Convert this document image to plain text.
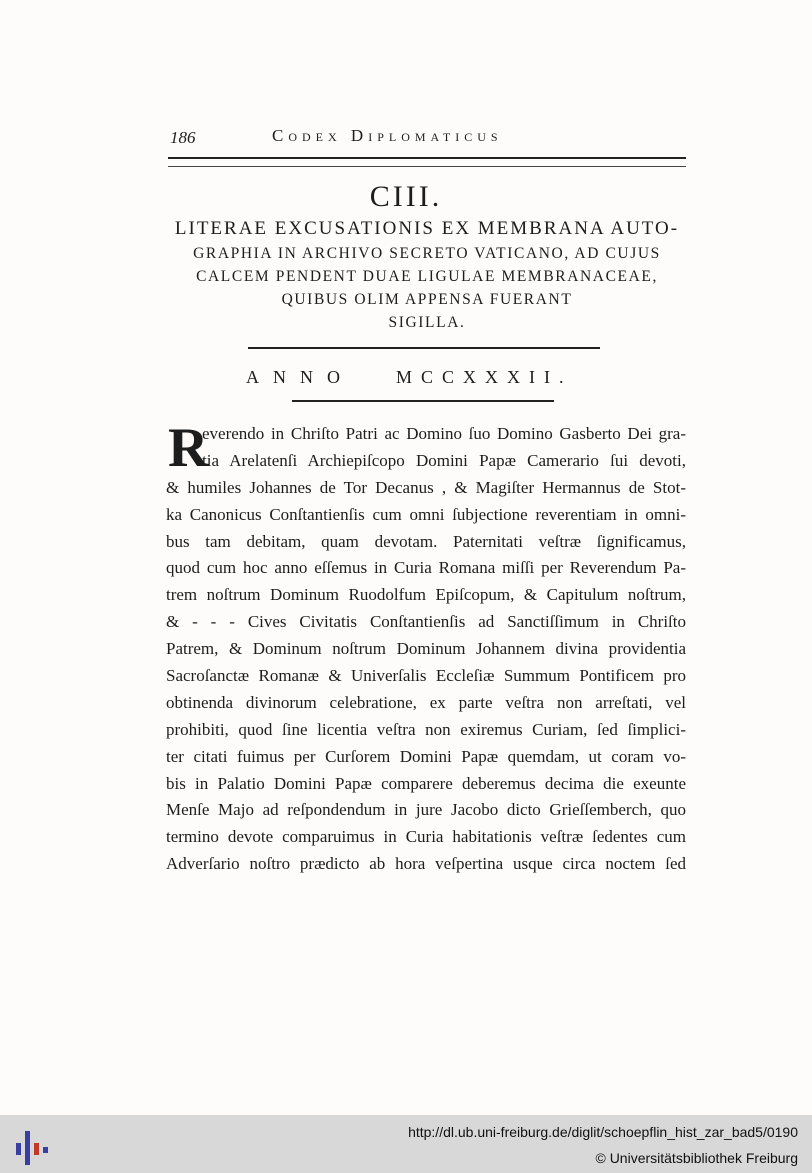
186	Codex Diplomaticus
CIII.
LITERAE EXCUSATIONIS EX MEMBRANA AUTO-
GRAPHIA IN ARCHIVO SECRETO VATICANO, AD CUJUS
CALCEM PENDENT DUAE LIGULAE MEMBRANACEAE,
QUIBUS OLIM APPENSA FUERANT
SIGILLA.
ANNO MCCXXXII.
R
everendo in Chriſto Patri ac Domino ſuo Domino Gasberto Dei gra-
tia Arelatenſi Archiepiſcopo Domini Papæ Camerario ſui devoti,
& humiles Johannes de Tor Decanus , & Magiſter Hermannus de Stot-
ka Canonicus Conſtantienſis cum omni ſubjectione reverentiam in omni-
bus tam debitam, quam devotam. Paternitati veſtræ ſignificamus,
quod cum hoc anno eſſemus in Curia Romana miſſi per Reverendum Pa-
trem noſtrum Dominum Ruodolfum Epiſcopum, & Capitulum noſtrum,
& - - - Cives Civitatis Conſtantienſis ad Sanctiſſimum in Chriſto
Patrem, & Dominum noſtrum Dominum Johannem divina providentia
Sacroſanctæ Romanæ & Univerſalis Eccleſiæ Summum Pontificem pro
obtinenda divinorum celebratione, ex parte veſtra non arreſtati, vel
prohibiti, quod ſine licentia veſtra non exiremus Curiam, ſed ſimplici-
ter citati fuimus per Curſorem Domini Papæ quemdam, ut coram vo-
bis in Palatio Domini Papæ comparere deberemus decima die exeunte
Menſe Majo ad reſpondendum in jure Jacobo dicto Grieſſemberch, quo
termino devote comparuimus in Curia habitationis veſtræ ſedentes cum
Adverſario noſtro prædicto ab hora veſpertina usque circa noctem ſed
http://dl.ub.uni-freiburg.de/diglit/schoepflin_hist_zar_bad5/0190
© Universitätsbibliothek Freiburg
